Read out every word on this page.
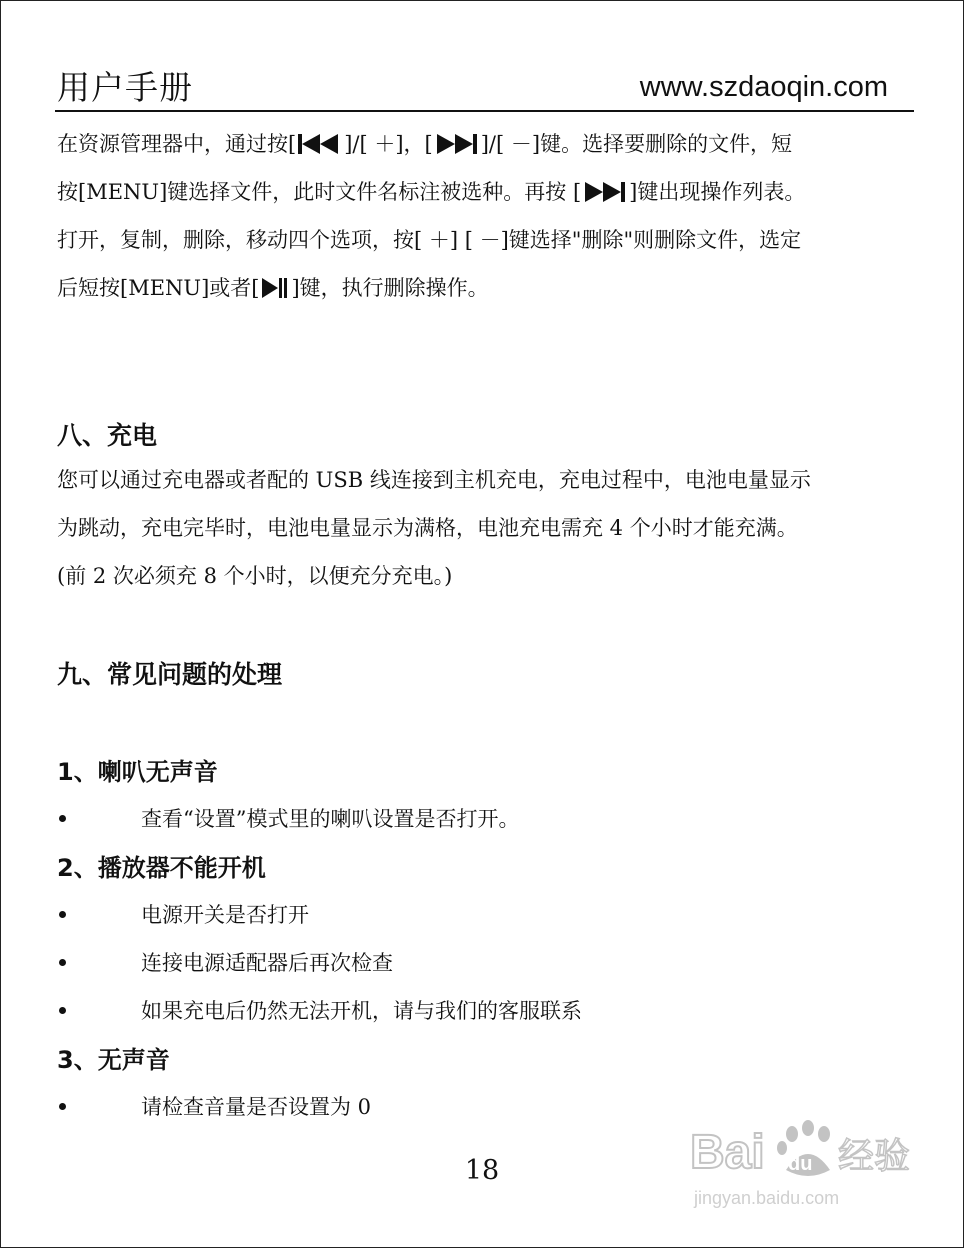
用户手册	www.szdaoqin.com
在资源管理器中，通过按[ ]/[ ＋]，[ ]/[ －]键。选择要删除的文件，短
按[MENU]键选择文件，此时文件名标注被选种。再按 [ ]键出现操作列表。
打开，复制，删除，移动四个选项，按[ ＋] [ －]键选择"删除"则删除文件，选定
后短按[MENU]或者[ ]键，执行删除操作。
八、充电
您可以通过充电器或者配的 USB 线连接到主机充电，充电过程中，电池电量显示
为跳动，充电完毕时，电池电量显示为满格，电池充电需充 4 个小时才能充满。
(前 2 次必须充 8 个小时，以便充分充电。)
九、常见问题的处理
1、喇叭无声音
查看“设置”模式里的喇叭设置是否打开。
2、播放器不能开机
电源开关是否打开
连接电源适配器后再次检查
如果充电后仍然无法开机，请与我们的客服联系
3、无声音
请检查音量是否设置为 0
18	Bai du 经验
jingyan.baidu.com
